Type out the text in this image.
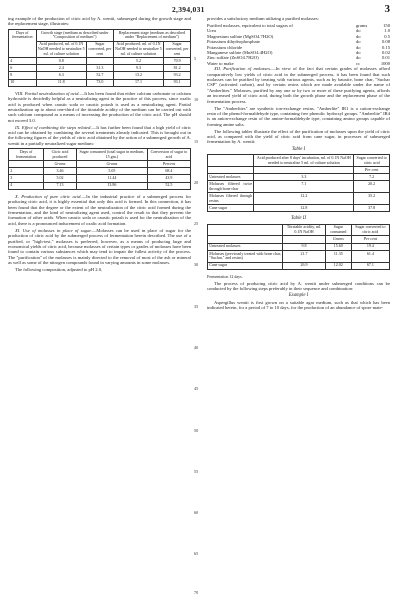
2,394,031	3

ing example of the production of citric acid by A. wentii, submerged during the growth stage and the replacement stage, illustrates:

Days of fermentation	Growth stage (medium as described under "Composition of medium")		Replacement stage (medium as described under "Replacement of medium")	
	Acid produced, ml. of 0.1N NaOH needed to neutralize 5 ml. of culture solution	Sugar converted, per cent	Acid produced, ml. of 0.1N NaOH needed to neutralize 5 ml. of culture solution	Sugar converted, per cent
4	0.8		5.2	70.9
6	2.4	31.3	9.3	81.2
8	6.3	52.7	13.2	93.2
10	11.8	73.0	17.1	93.1

VIII. Partial neutralization of acid.—It has been found that either calcium carbonate or calcium hydroxide is decidedly helpful as a neutralizing agent in the practice of this process, since oxalic acid is produced when caustic soda or caustic potash is used as a neutralizing agent. Partial neutralization up to about one-third of the titratable acidity of the medium can be carried out with such calcium compound as a means of increasing the production of the citric acid. The pH should not exceed 3.0.

IX. Effect of combining the steps related.—It has further been found that a high yield of citric acid can be obtained by combining the several treatments already indicated. This is brought out in the following figures of the yields of citric acid obtained by the action of a submerged growth of A. wentii in a partially neutralized sugar medium:

Days of fermentation	Citric acid produced	Sugar consumed (total sugar in medium, 15 gm.)	Conversion of sugar to acid
	Grams	Grams	Percent
2	3.46	5.05	68.4
3	5.02	11.44	43.9
4	7.13	13.86	52.5

X. Production of pure citric acid.—In the industrial practice of a submerged process for producing citric acid, it is highly essential that only this acid is formed. In this connection, it has been found that the degree or the extent of the neutralization of the citric acid formed during the fermentation, and the kind of neutralizing agent used, control the result in that they prevent the formation of other acids. When caustic soda or caustic potash is used for the neutralization of the acid, there is a pronounced inducement of oxalic acid formation.

XI. Use of molasses in place of sugar.—Molasses can be used in place of sugar for the production of citric acid by the submerged process of fermentation herein described. The use of a purified, or "high-test," molasses is preferred, however, as a means of producing large and economical yields of citric acid, because molasses of certain types or grades of molasses have been found to contain various substances which may tend to impair the fullest activity of the process. The "purification" of the molasses is mainly directed to the removal of most of the ash or mineral as well as some of the nitrogen compounds found in varying amounts in some molasses.

The following composition, adjusted to pH 2.0,

5
10
15
20
25
30
35
40
45
50
55
60
65
70

provides a satisfactory medium utilizing a purified molasses:

Purified molasses, equivalent to total sugars of	grams	150
Urea	do	1.0
Magnesium sulfate (MgSO4.7H2O)	do	0.5
Potassium dihydrophosphate	do	0.08
Potassium chloride	do	0.15
Manganese sulfate (MnSO4.4H2O)	do	0.02
Zinc sulfate (ZnSO4.7H2O)	do	0.01
Water to make	cc	1000

XII. Purification of molasses.—In view of the fact that certain grades of molasses afford comparatively low yields of citric acid in the submerged process, it has been found that such molasses can be purified by treating with various agents, such as by bauxite, bone char, "Suchar CSP" (activated carbon), and by certain resins which are made available under the name of "Amberlites." Molasses, purified by any one or by two or more of these purifying agents, affords an increased yield of citric acid, during both the growth phase and the replacement phase of the fermentation process.

The "Amberlites" are synthetic ion-exchange resins. "Amberlite" IR1 is a cation-exchange resin of the phenol-formaldehyde type, containing free phenolic hydroxyl groups. "Amberlite" IR4 is an anion-exchange resin of the amine-formaldehyde type, containing amino groups capable of forming amine salts.

The following tables illustrate the effect of the purification of molasses upon the yield of citric acid, as compared with the yield of citric acid from cane sugar, in processes of submerged fermentation by A. wentii:

Table I
	Acid produced after 8 days' incubation, ml. of 0.1N NaOH needed to neutralize 5 ml. of culture solution	Sugar converted to citric acid
		Per cent
Untreated molasses	3.3	7.2
Molasses filtered twice through bone char	7.1	20.2
Molasses filtered through resins	12.2	35.2
Cane sugar	12.8	37.8
Table II
	Titratable acidity, ml. 0.1N NaOH	Sugar consumed	Sugar converted to citric acid
		Grams	Per cent
Untreated molasses	9.8	15.60	19.4
Molasses (previously treated with bone char, "Suchar," and resins)	21.7	11.35	61.4
Cane sugar	26.9	12.02	67.1

Fermentation 12 days.

The process of producing citric acid by A. wentii under submerged conditions can be conducted by the following steps preferably in their sequence and combination:

Example I

Aspergillus wentii is first grown on a suitable agar medium, such as that which has been indicated herein, for a period of 7 to 10 days, for the production of an abundance of spore mate-
